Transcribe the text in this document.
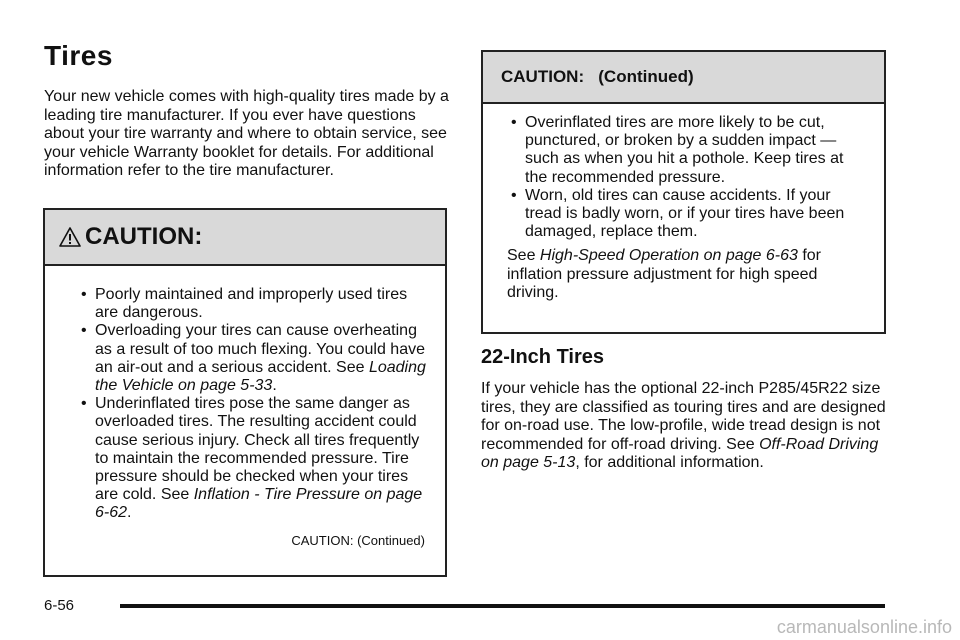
Tires

Your new vehicle comes with high-quality tires made by a leading tire manufacturer. If you ever have questions about your tire warranty and where to obtain service, see your vehicle Warranty booklet for details. For additional information refer to the tire manufacturer.

CAUTION:
• Poorly maintained and improperly used tires are dangerous.
• Overloading your tires can cause overheating as a result of too much flexing. You could have an air-out and a serious accident. See Loading the Vehicle on page 5-33.
• Underinflated tires pose the same danger as overloaded tires. The resulting accident could cause serious injury. Check all tires frequently to maintain the recommended pressure. Tire pressure should be checked when your tires are cold. See Inflation - Tire Pressure on page 6-62.
CAUTION: (Continued)
CAUTION:   (Continued)
• Overinflated tires are more likely to be cut, punctured, or broken by a sudden impact — such as when you hit a pothole. Keep tires at the recommended pressure.
• Worn, old tires can cause accidents. If your tread is badly worn, or if your tires have been damaged, replace them.

See High-Speed Operation on page 6-63 for inflation pressure adjustment for high speed driving.

22-Inch Tires

If your vehicle has the optional 22-inch P285/45R22 size tires, they are classified as touring tires and are designed for on-road use. The low-profile, wide tread design is not recommended for off-road driving. See Off-Road Driving on page 5-13, for additional information.

6-56
carmanualsonline.info
